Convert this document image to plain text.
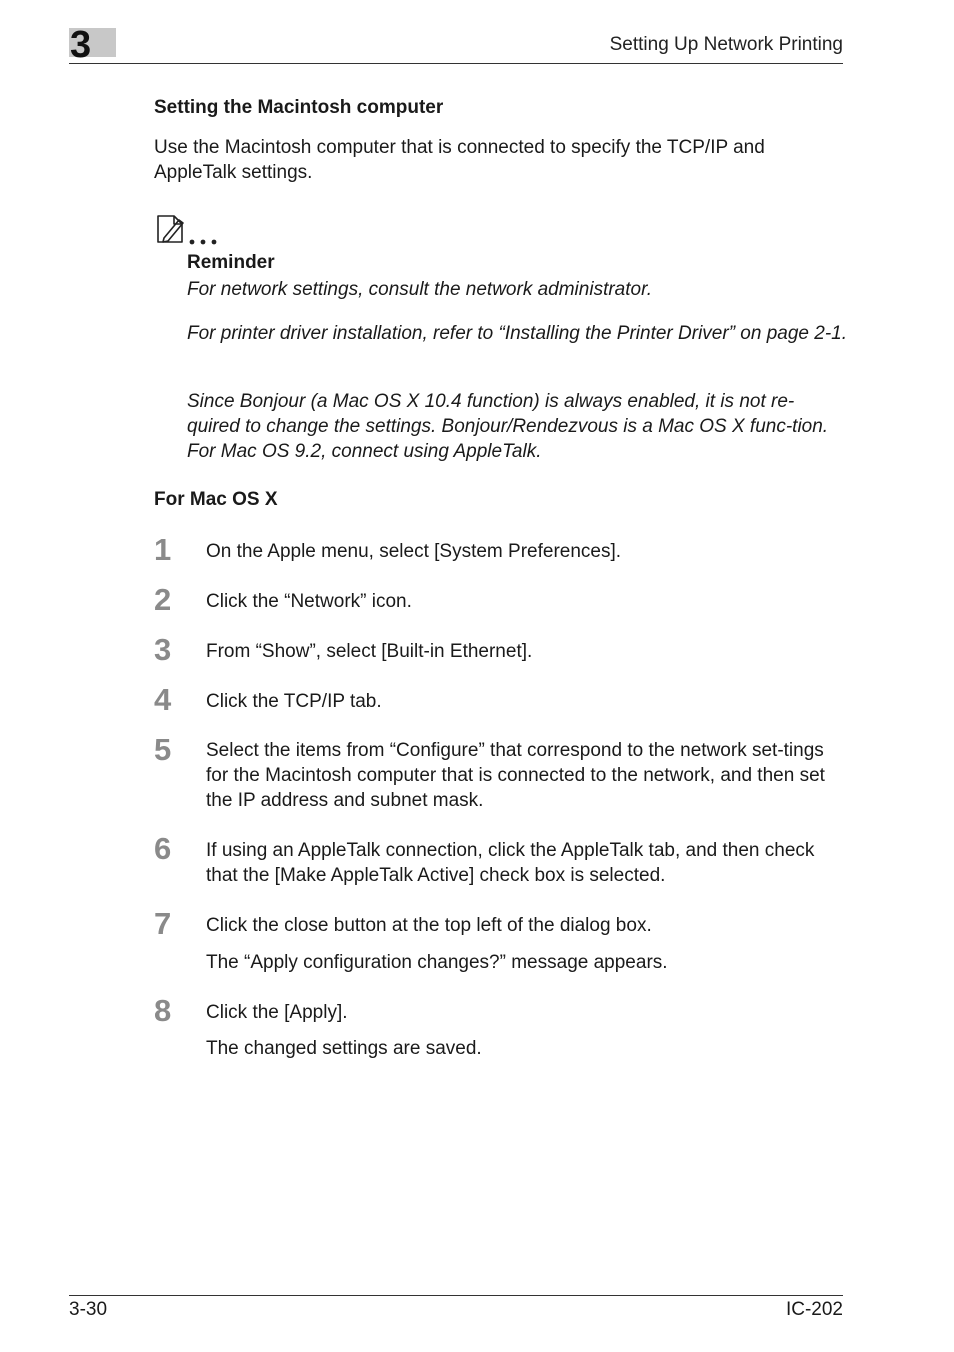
3	Setting Up Network Printing
Setting the Macintosh computer
Use the Macintosh computer that is connected to specify the TCP/IP and AppleTalk settings.
Reminder
For network settings, consult the network administrator.
For printer driver installation, refer to “Installing the Printer Driver” on page 2-1.
Since Bonjour (a Mac OS X 10.4 function) is always enabled, it is not re-quired to change the settings. Bonjour/Rendezvous is a Mac OS X func-tion. For Mac OS 9.2, connect using AppleTalk.
For Mac OS X
1	On the Apple menu, select [System Preferences].
2	Click the “Network” icon.
3	From “Show”, select [Built-in Ethernet].
4	Click the TCP/IP tab.
5	Select the items from “Configure” that correspond to the network set-tings for the Macintosh computer that is connected to the network, and then set the IP address and subnet mask.
6	If using an AppleTalk connection, click the AppleTalk tab, and then check that the [Make AppleTalk Active] check box is selected.
7	Click the close button at the top left of the dialog box.
The “Apply configuration changes?” message appears.
8	Click the [Apply].
The changed settings are saved.
3-30	IC-202
